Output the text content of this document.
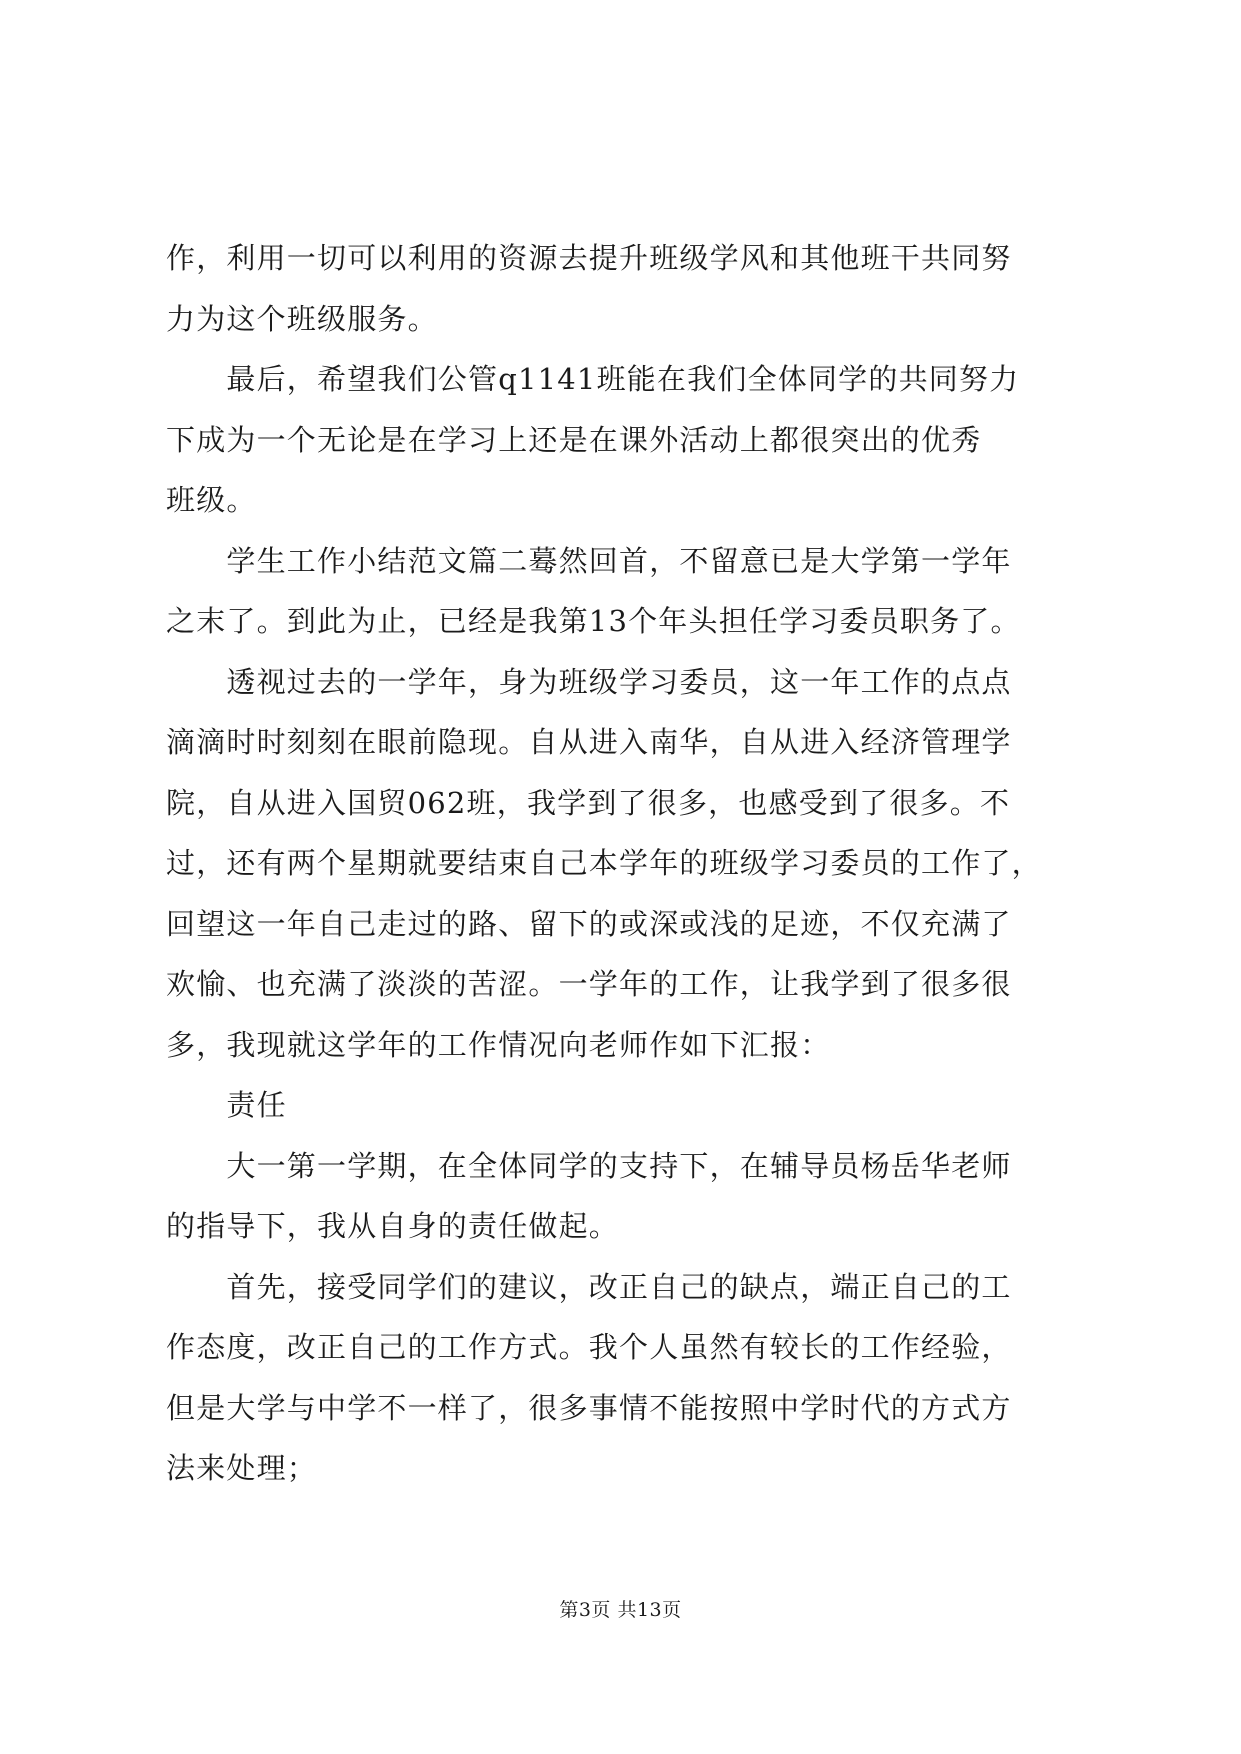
作，利用一切可以利用的资源去提升班级学风和其他班干共同努
力为这个班级服务。
　　最后，希望我们公管q1141班能在我们全体同学的共同努力
下成为一个无论是在学习上还是在课外活动上都很突出的优秀
班级。
　　学生工作小结范文篇二蓦然回首，不留意已是大学第一学年
之末了。到此为止，已经是我第13个年头担任学习委员职务了。
　　透视过去的一学年，身为班级学习委员，这一年工作的点点
滴滴时时刻刻在眼前隐现。自从进入南华，自从进入经济管理学
院，自从进入国贸062班，我学到了很多，也感受到了很多。不
过，还有两个星期就要结束自己本学年的班级学习委员的工作了，
回望这一年自己走过的路、留下的或深或浅的足迹，不仅充满了
欢愉、也充满了淡淡的苦涩。一学年的工作，让我学到了很多很
多，我现就这学年的工作情况向老师作如下汇报：
　　责任
　　大一第一学期，在全体同学的支持下，在辅导员杨岳华老师
的指导下，我从自身的责任做起。
　　首先，接受同学们的建议，改正自己的缺点，端正自己的工
作态度，改正自己的工作方式。我个人虽然有较长的工作经验，
但是大学与中学不一样了，很多事情不能按照中学时代的方式方
法来处理；
第3页 共13页
